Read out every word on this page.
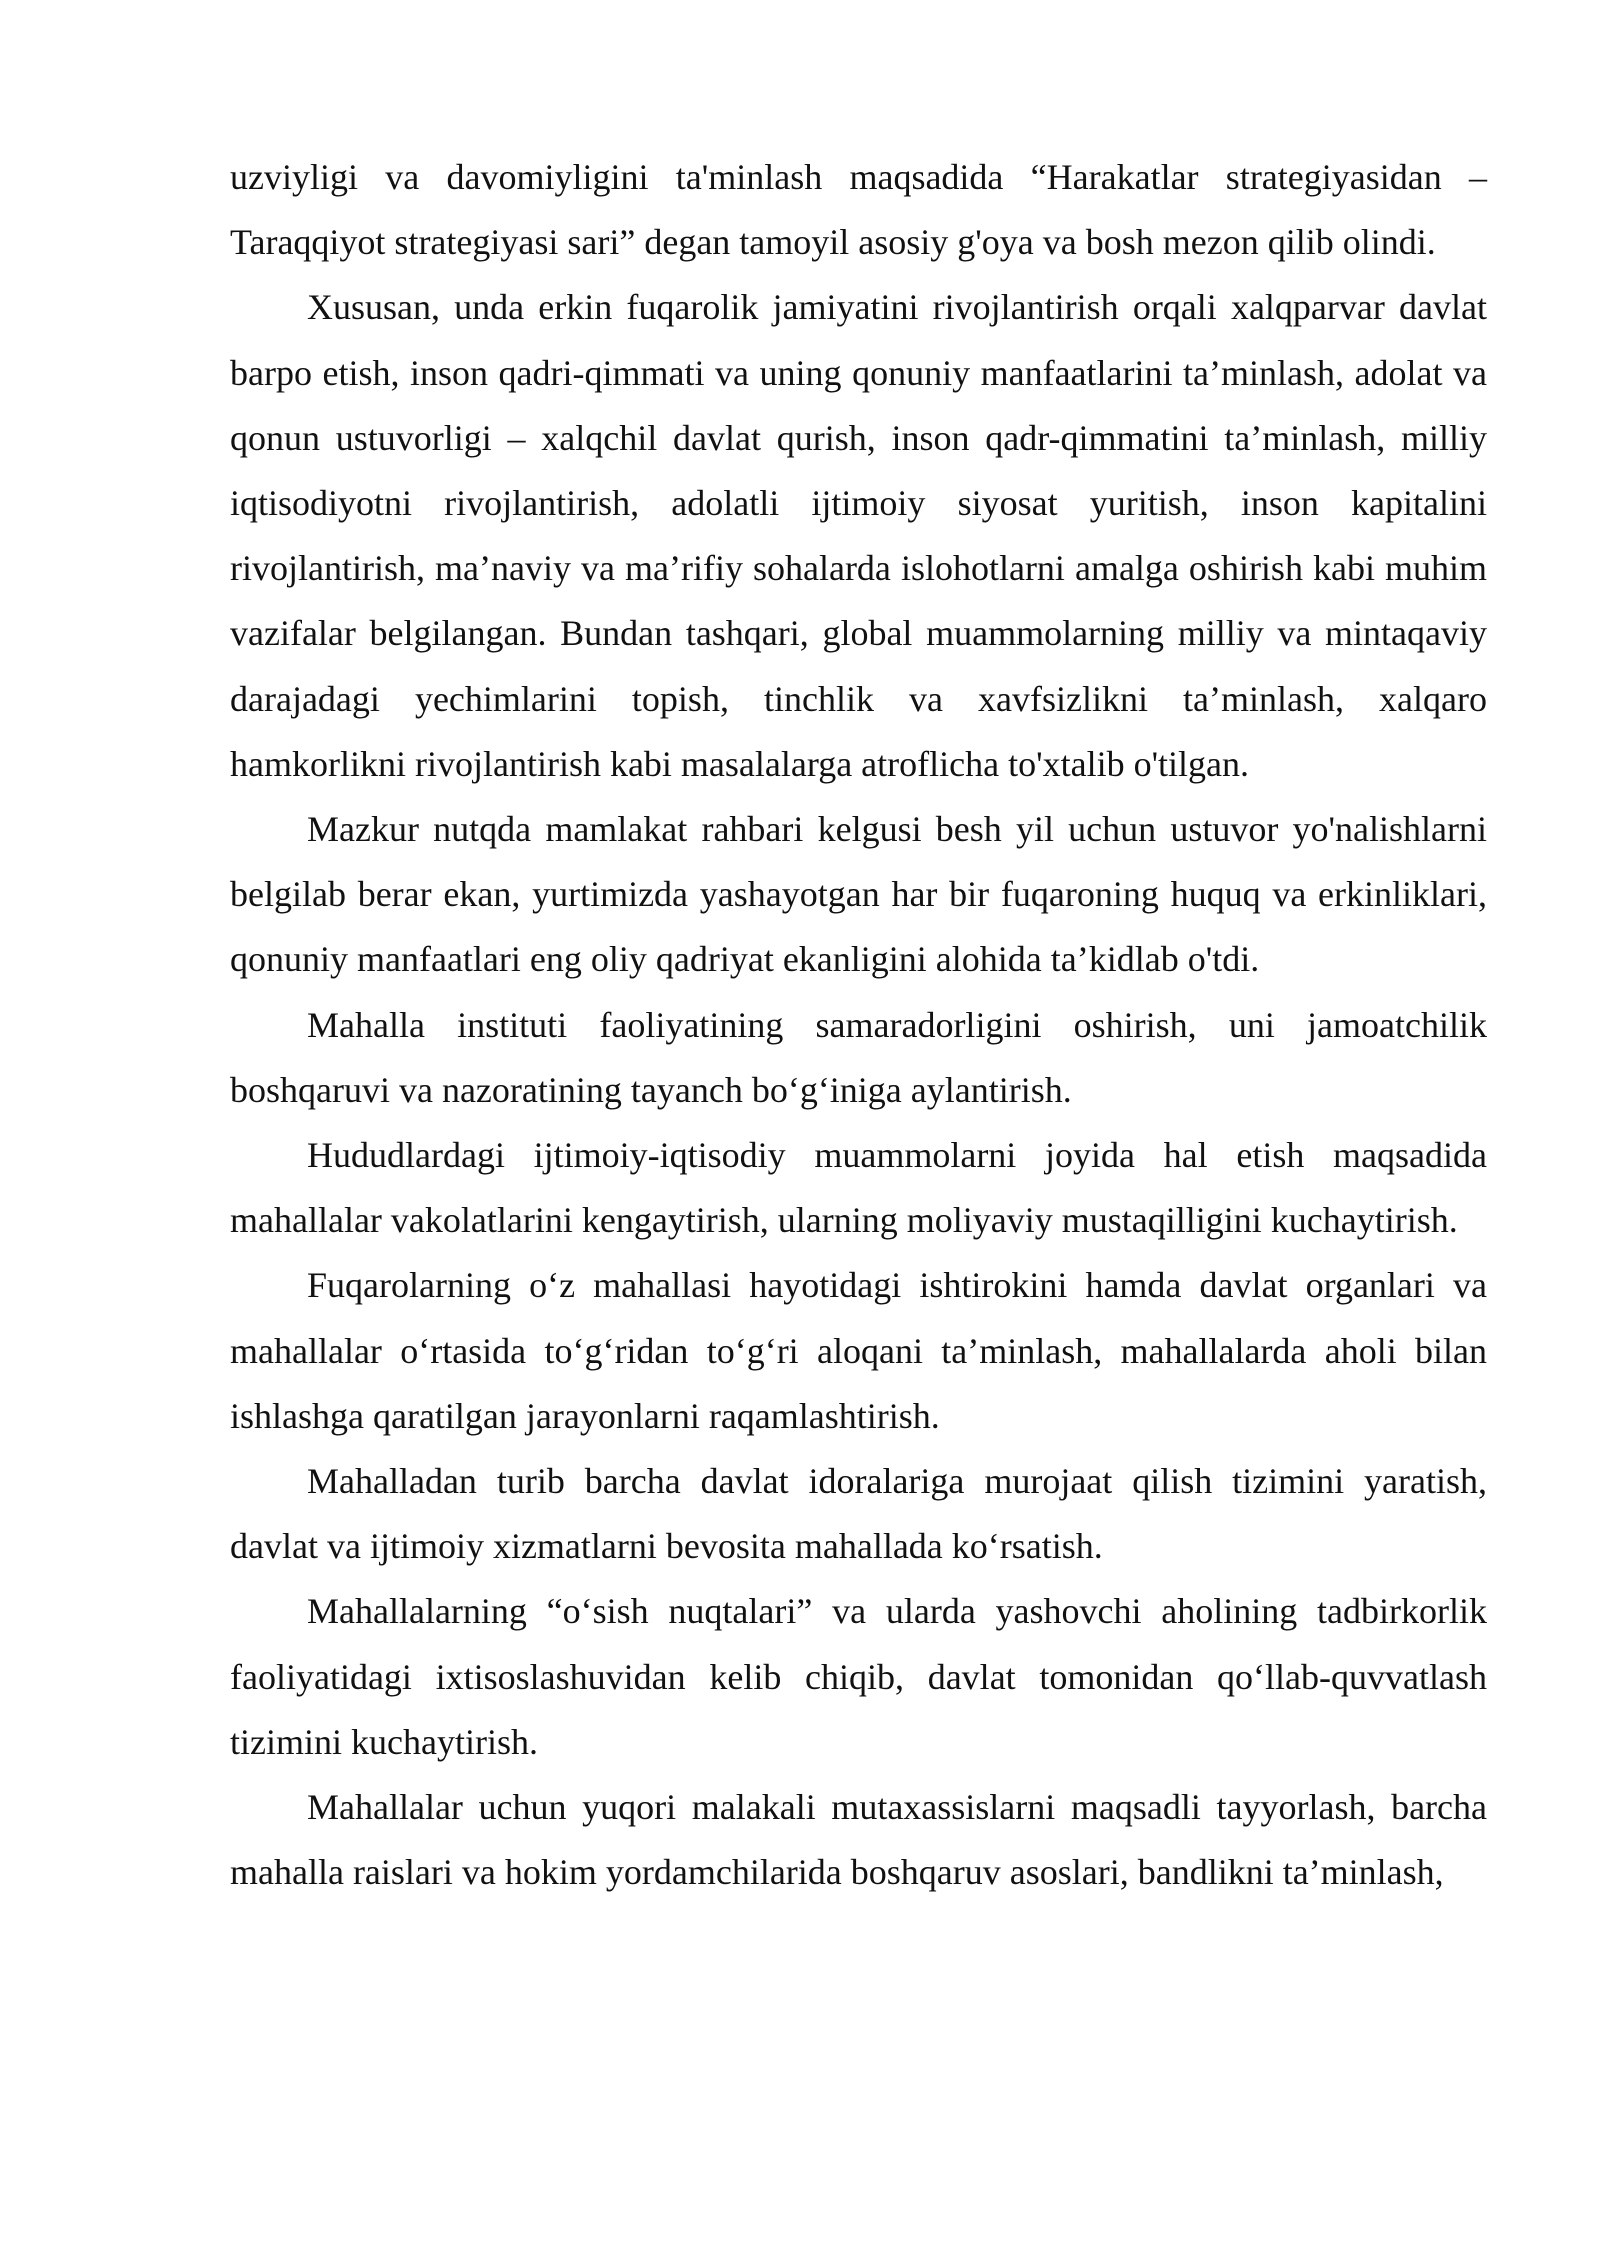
uzviyligi va davomiyligini ta'minlash maqsadida “Harakatlar strategiyasidan – Taraqqiyot strategiyasi sari” degan tamoyil asosiy g'oya va bosh mezon qilib olindi.

Xususan, unda erkin fuqarolik jamiyatini rivojlantirish orqali xalqparvar davlat barpo etish, inson qadri-qimmati va uning qonuniy manfaatlarini ta’minlash, adolat va qonun ustuvorligi – xalqchil davlat qurish, inson qadr-qimmatini ta’minlash, milliy iqtisodiyotni rivojlantirish, adolatli ijtimoiy siyosat yuritish, inson kapitalini rivojlantirish, ma’naviy va ma’rifiy sohalarda islohotlarni amalga oshirish kabi muhim vazifalar belgilangan. Bundan tashqari, global muammolarning milliy va mintaqaviy darajadagi yechimlarini topish, tinchlik va xavfsizlikni ta’minlash, xalqaro hamkorlikni rivojlantirish kabi masalalarga atroflicha to'xtalib o'tilgan.

Mazkur nutqda mamlakat rahbari kelgusi besh yil uchun ustuvor yo'nalishlarni belgilab berar ekan, yurtimizda yashayotgan har bir fuqaroning huquq va erkinliklari, qonuniy manfaatlari eng oliy qadriyat ekanligini alohida ta’kidlab o'tdi.

Mahalla instituti faoliyatining samaradorligini oshirish, uni jamoatchilik boshqaruvi va nazoratining tayanch bo‘g‘iniga aylantirish.

Hududlardagi ijtimoiy-iqtisodiy muammolarni joyida hal etish maqsadida mahallalar vakolatlarini kengaytirish, ularning moliyaviy mustaqilligini kuchaytirish.

Fuqarolarning o‘z mahallasi hayotidagi ishtirokini hamda davlat organlari va mahallalar o‘rtasida to‘g‘ridan to‘g‘ri aloqani ta’minlash, mahallalarda aholi bilan ishlashga qaratilgan jarayonlarni raqamlashtirish.

Mahalladan turib barcha davlat idoralariga murojaat qilish tizimini yaratish, davlat va ijtimoiy xizmatlarni bevosita mahallada ko‘rsatish.

Mahallalarning “o‘sish nuqtalari” va ularda yashovchi aholining tadbirkorlik faoliyatidagi ixtisoslashuvidan kelib chiqib, davlat tomonidan qo‘llab-quvvatlash tizimini kuchaytirish.

Mahallalar uchun yuqori malakali mutaxassislarni maqsadli tayyorlash, barcha mahalla raislari va hokim yordamchilarida boshqaruv asoslari, bandlikni ta’minlash,
